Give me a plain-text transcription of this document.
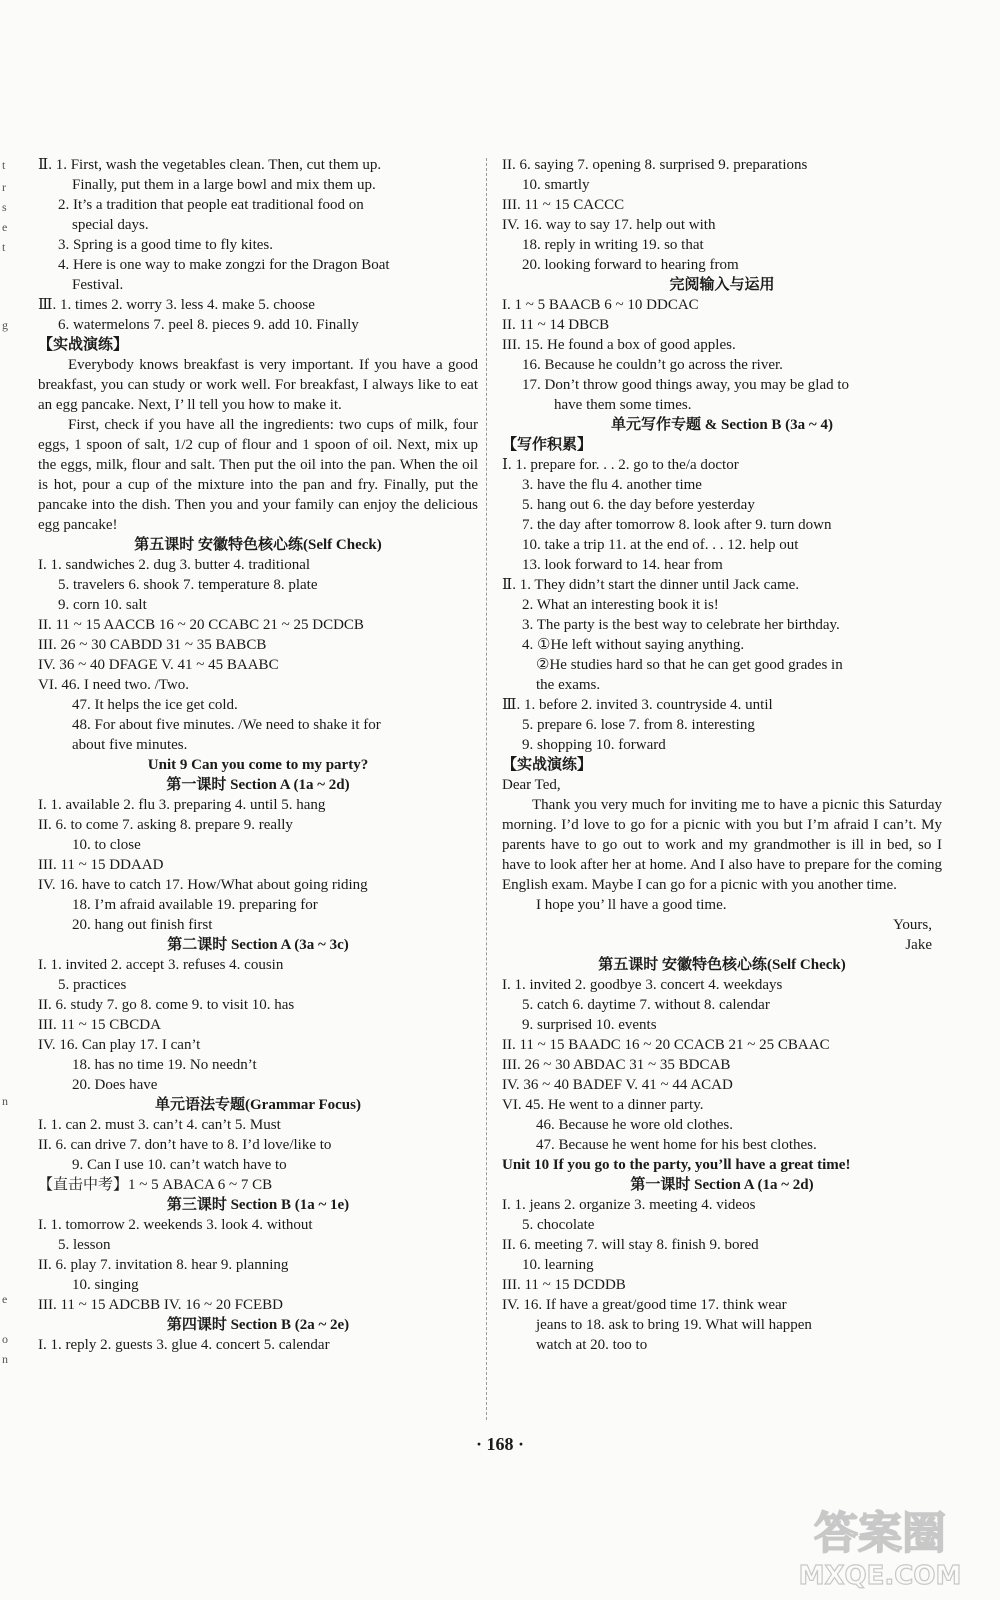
Ⅱ. 1. First, wash the vegetables clean. Then, cut them up.
Finally, put them in a large bowl and mix them up.
2. It’s a tradition that people eat traditional food on
special days.
3. Spring is a good time to fly kites.
4. Here is one way to make zongzi for the Dragon Boat
Festival.
Ⅲ. 1. times 2. worry 3. less 4. make 5. choose
6. watermelons 7. peel 8. pieces 9. add 10. Finally
【实战演练】
Everybody knows breakfast is very important. If you have a good breakfast, you can study or work well. For breakfast, I always like to eat an egg pancake. Next, I’ ll tell you how to make it.
First, check if you have all the ingredients: two cups of milk, four eggs, 1 spoon of salt, 1/2 cup of flour and 1 spoon of oil. Next, mix up the eggs, milk, flour and salt. Then put the oil into the pan. When the oil is hot, pour a cup of the mixture into the pan and fry. Finally, put the pancake into the dish. Then you and your family can enjoy the delicious egg pancake!
第五课时 安徽特色核心练(Self Check)
I. 1. sandwiches 2. dug 3. butter 4. traditional
5. travelers 6. shook 7. temperature 8. plate
9. corn 10. salt
II. 11 ~ 15 AACCB 16 ~ 20 CCABC 21 ~ 25 DCDCB
III. 26 ~ 30 CABDD 31 ~ 35 BABCB
IV. 36 ~ 40 DFAGE V. 41 ~ 45 BAABC
VI. 46. I need two. /Two.
47. It helps the ice get cold.
48. For about five minutes. /We need to shake it for
about five minutes.
Unit 9 Can you come to my party?
第一课时 Section A (1a ~ 2d)
I. 1. available 2. flu 3. preparing 4. until 5. hang
II. 6. to come 7. asking 8. prepare 9. really
10. to close
III. 11 ~ 15 DDAAD
IV. 16. have to catch 17. How/What about going riding
18. I’m afraid available 19. preparing for
20. hang out finish first
第二课时 Section A (3a ~ 3c)
I. 1. invited 2. accept 3. refuses 4. cousin
5. practices
II. 6. study 7. go 8. come 9. to visit 10. has
III. 11 ~ 15 CBCDA
IV. 16. Can play 17. I can’t
18. has no time 19. No needn’t
20. Does have
单元语法专题(Grammar Focus)
I. 1. can 2. must 3. can’t 4. can’t 5. Must
II. 6. can drive 7. don’t have to 8. I’d love/like to
9. Can I use 10. can’t watch have to
【直击中考】1 ~ 5 ABACA 6 ~ 7 CB
第三课时 Section B (1a ~ 1e)
I. 1. tomorrow 2. weekends 3. look 4. without
5. lesson
II. 6. play 7. invitation 8. hear 9. planning
10. singing
III. 11 ~ 15 ADCBB IV. 16 ~ 20 FCEBD
第四课时 Section B (2a ~ 2e)
I. 1. reply 2. guests 3. glue 4. concert 5. calendar
II. 6. saying 7. opening 8. surprised 9. preparations
10. smartly
III. 11 ~ 15 CACCC
IV. 16. way to say 17. help out with
18. reply in writing 19. so that
20. looking forward to hearing from
完阅输入与运用
I. 1 ~ 5 BAACB 6 ~ 10 DDCAC
II. 11 ~ 14 DBCB
III. 15. He found a box of good apples.
16. Because he couldn’t go across the river.
17. Don’t throw good things away, you may be glad to
have them some times.
单元写作专题 & Section B (3a ~ 4)
【写作积累】
Ⅰ. 1. prepare for. . . 2. go to the/a doctor
3. have the flu 4. another time
5. hang out 6. the day before yesterday
7. the day after tomorrow 8. look after 9. turn down
10. take a trip 11. at the end of. . . 12. help out
13. look forward to 14. hear from
Ⅱ. 1. They didn’t start the dinner until Jack came.
2. What an interesting book it is!
3. The party is the best way to celebrate her birthday.
4. ①He left without saying anything.
②He studies hard so that he can get good grades in
the exams.
Ⅲ. 1. before 2. invited 3. countryside 4. until
5. prepare 6. lose 7. from 8. interesting
9. shopping 10. forward
【实战演练】
Dear Ted,
Thank you very much for inviting me to have a picnic this Saturday morning. I’d love to go for a picnic with you but I’m afraid I can’t. My parents have to go out to work and my grandmother is ill in bed, so I have to look after her at home. And I also have to prepare for the coming English exam. Maybe I can go for a picnic with you another time.
I hope you’ ll have a good time.
Yours,
Jake
第五课时 安徽特色核心练(Self Check)
I. 1. invited 2. goodbye 3. concert 4. weekdays
5. catch 6. daytime 7. without 8. calendar
9. surprised 10. events
II. 11 ~ 15 BAADC 16 ~ 20 CCACB 21 ~ 25 CBAAC
III. 26 ~ 30 ABDAC 31 ~ 35 BDCAB
IV. 36 ~ 40 BADEF V. 41 ~ 44 ACAD
VI. 45. He went to a dinner party.
46. Because he wore old clothes.
47. Because he went home for his best clothes.
Unit 10 If you go to the party, you’ll have a great time!
第一课时 Section A (1a ~ 2d)
I. 1. jeans 2. organize 3. meeting 4. videos
5. chocolate
II. 6. meeting 7. will stay 8. finish 9. bored
10. learning
III. 11 ~ 15 DCDDB
IV. 16. If have a great/good time 17. think wear
jeans to 18. ask to bring 19. What will happen
watch at 20. too to
t
r
s
e
t
g
n
e
o
n
· 168 ·
答案圈
MXQE.COM
